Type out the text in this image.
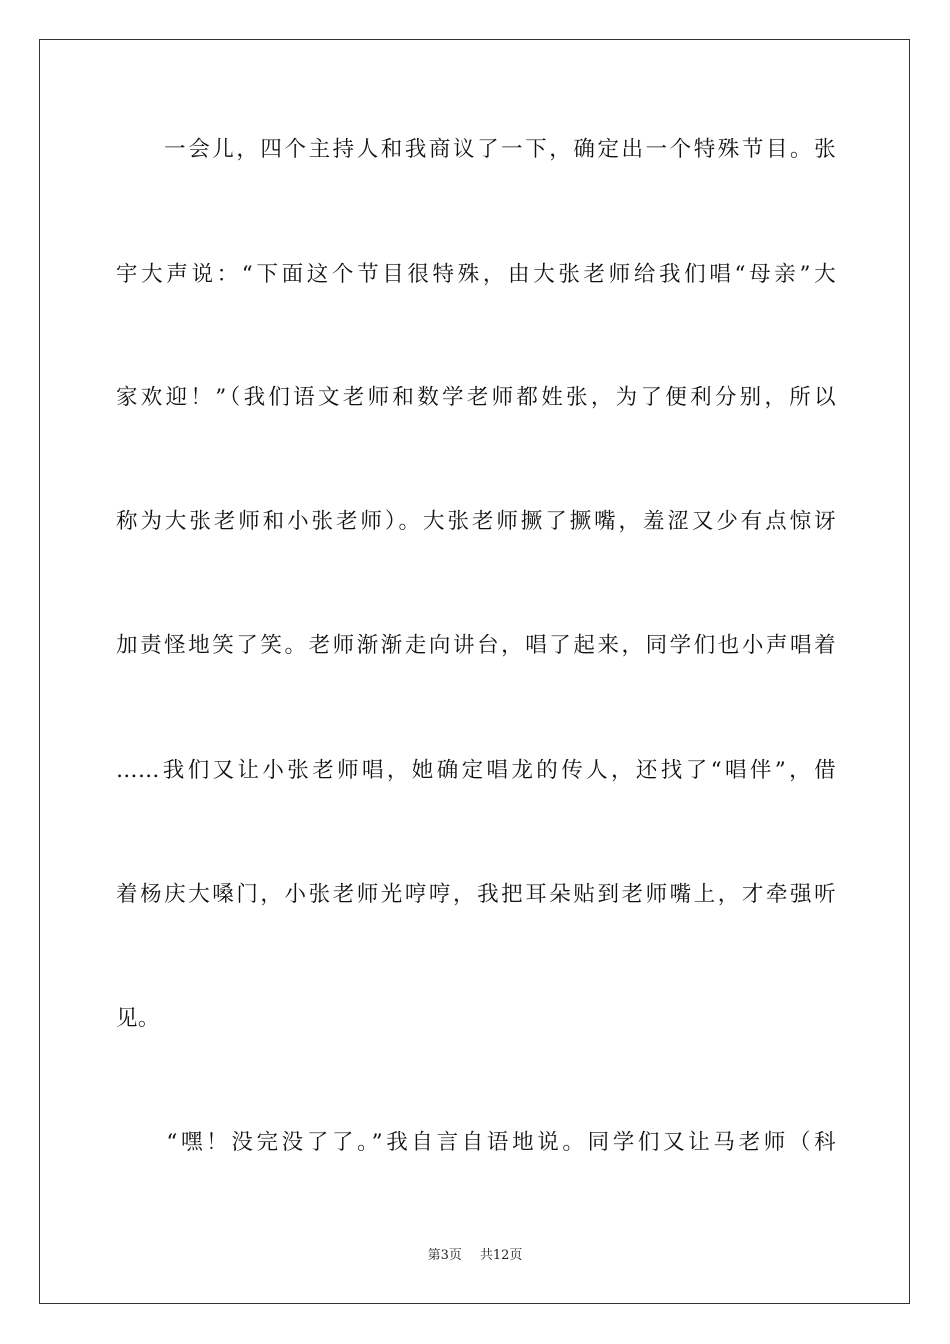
　　一会儿，四个主持人和我商议了一下，确定出一个特殊节目。张
宇大声说：“下面这个节目很特殊，由大张老师给我们唱“母亲”大
家欢迎！”（我们语文老师和数学老师都姓张，为了便利分别，所以
称为大张老师和小张老师）。大张老师撅了撅嘴，羞涩又少有点惊讶
加责怪地笑了笑。老师渐渐走向讲台，唱了起来，同学们也小声唱着
……我们又让小张老师唱，她确定唱龙的传人，还找了“唱伴”，借
着杨庆大嗓门，小张老师光哼哼，我把耳朵贴到老师嘴上，才牵强听
见。
　　“嘿！没完没了了。”我自言自语地说。同学们又让马老师（科
第3页 共12页
